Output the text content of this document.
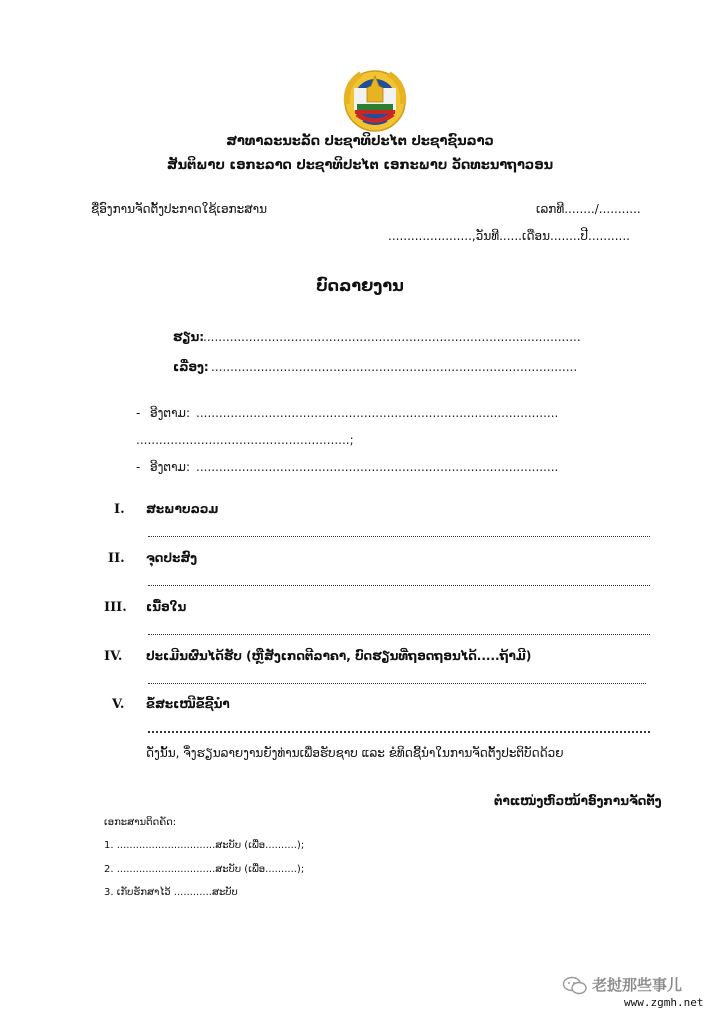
ສາທາລະນະລັດ ປະຊາທິປະໄຕ ປະຊາຊົນລາວ
ສັນຕິພາບ ເອກະລາດ ປະຊາທິປະໄຕ ເອກະພາບ ວັດທະນາຖາວອນ
ຊື່ອົງການຈັດຕັ້ງປະກາດໃຊ້ເອກະສານ	ເລກທີ......../...........
......................,ວັນທີ......ເດືອນ........ປີ...........
ບົດລາຍງານ
ຮຽນ:
...................................................................................................
ເລື່ອງ: ................................................................................................
- ອີງຕາມ: ...............................................................................................
........................................................;
- ອີງຕາມ: ...............................................................................................
I. ສະພາບລວມ
II. ຈຸດປະສົງ
III. ເນື້ອໃນ
IV. ປະເມີນຜົນໄດ້ຮັບ (ຫຼືສັງເກດຕີລາຄາ, ບົດຮຽນທີ່ຖອດຖອນໄດ້.....ຖ້າມີ)
V. ຂໍ້ສະເໜີຂໍ້ຊີ້ນຳ
ດັ່ງນັ້ນ, ຈຶ່ງຮຽນລາຍງານຍັງທ່ານເພື່ອຮັບຊາບ ແລະ ຂໍທິດຊີ້ນຳໃນການຈັດຕັ້ງປະຕິບັດດ້ວຍ
ຕໍາແໜ່ງຫົວໜ້າອົງການຈັດຕັ້ງ
ເອກະສານຕິດຄັດ:
1. ...............................ສະບັບ (ເພື່ອ..........);
2. ...............................ສະບັບ (ເພື່ອ..........);
3. ເກັບຮັກສາໄວ້ ............ສະບັບ
老挝那些事儿
www.zgmh.net
